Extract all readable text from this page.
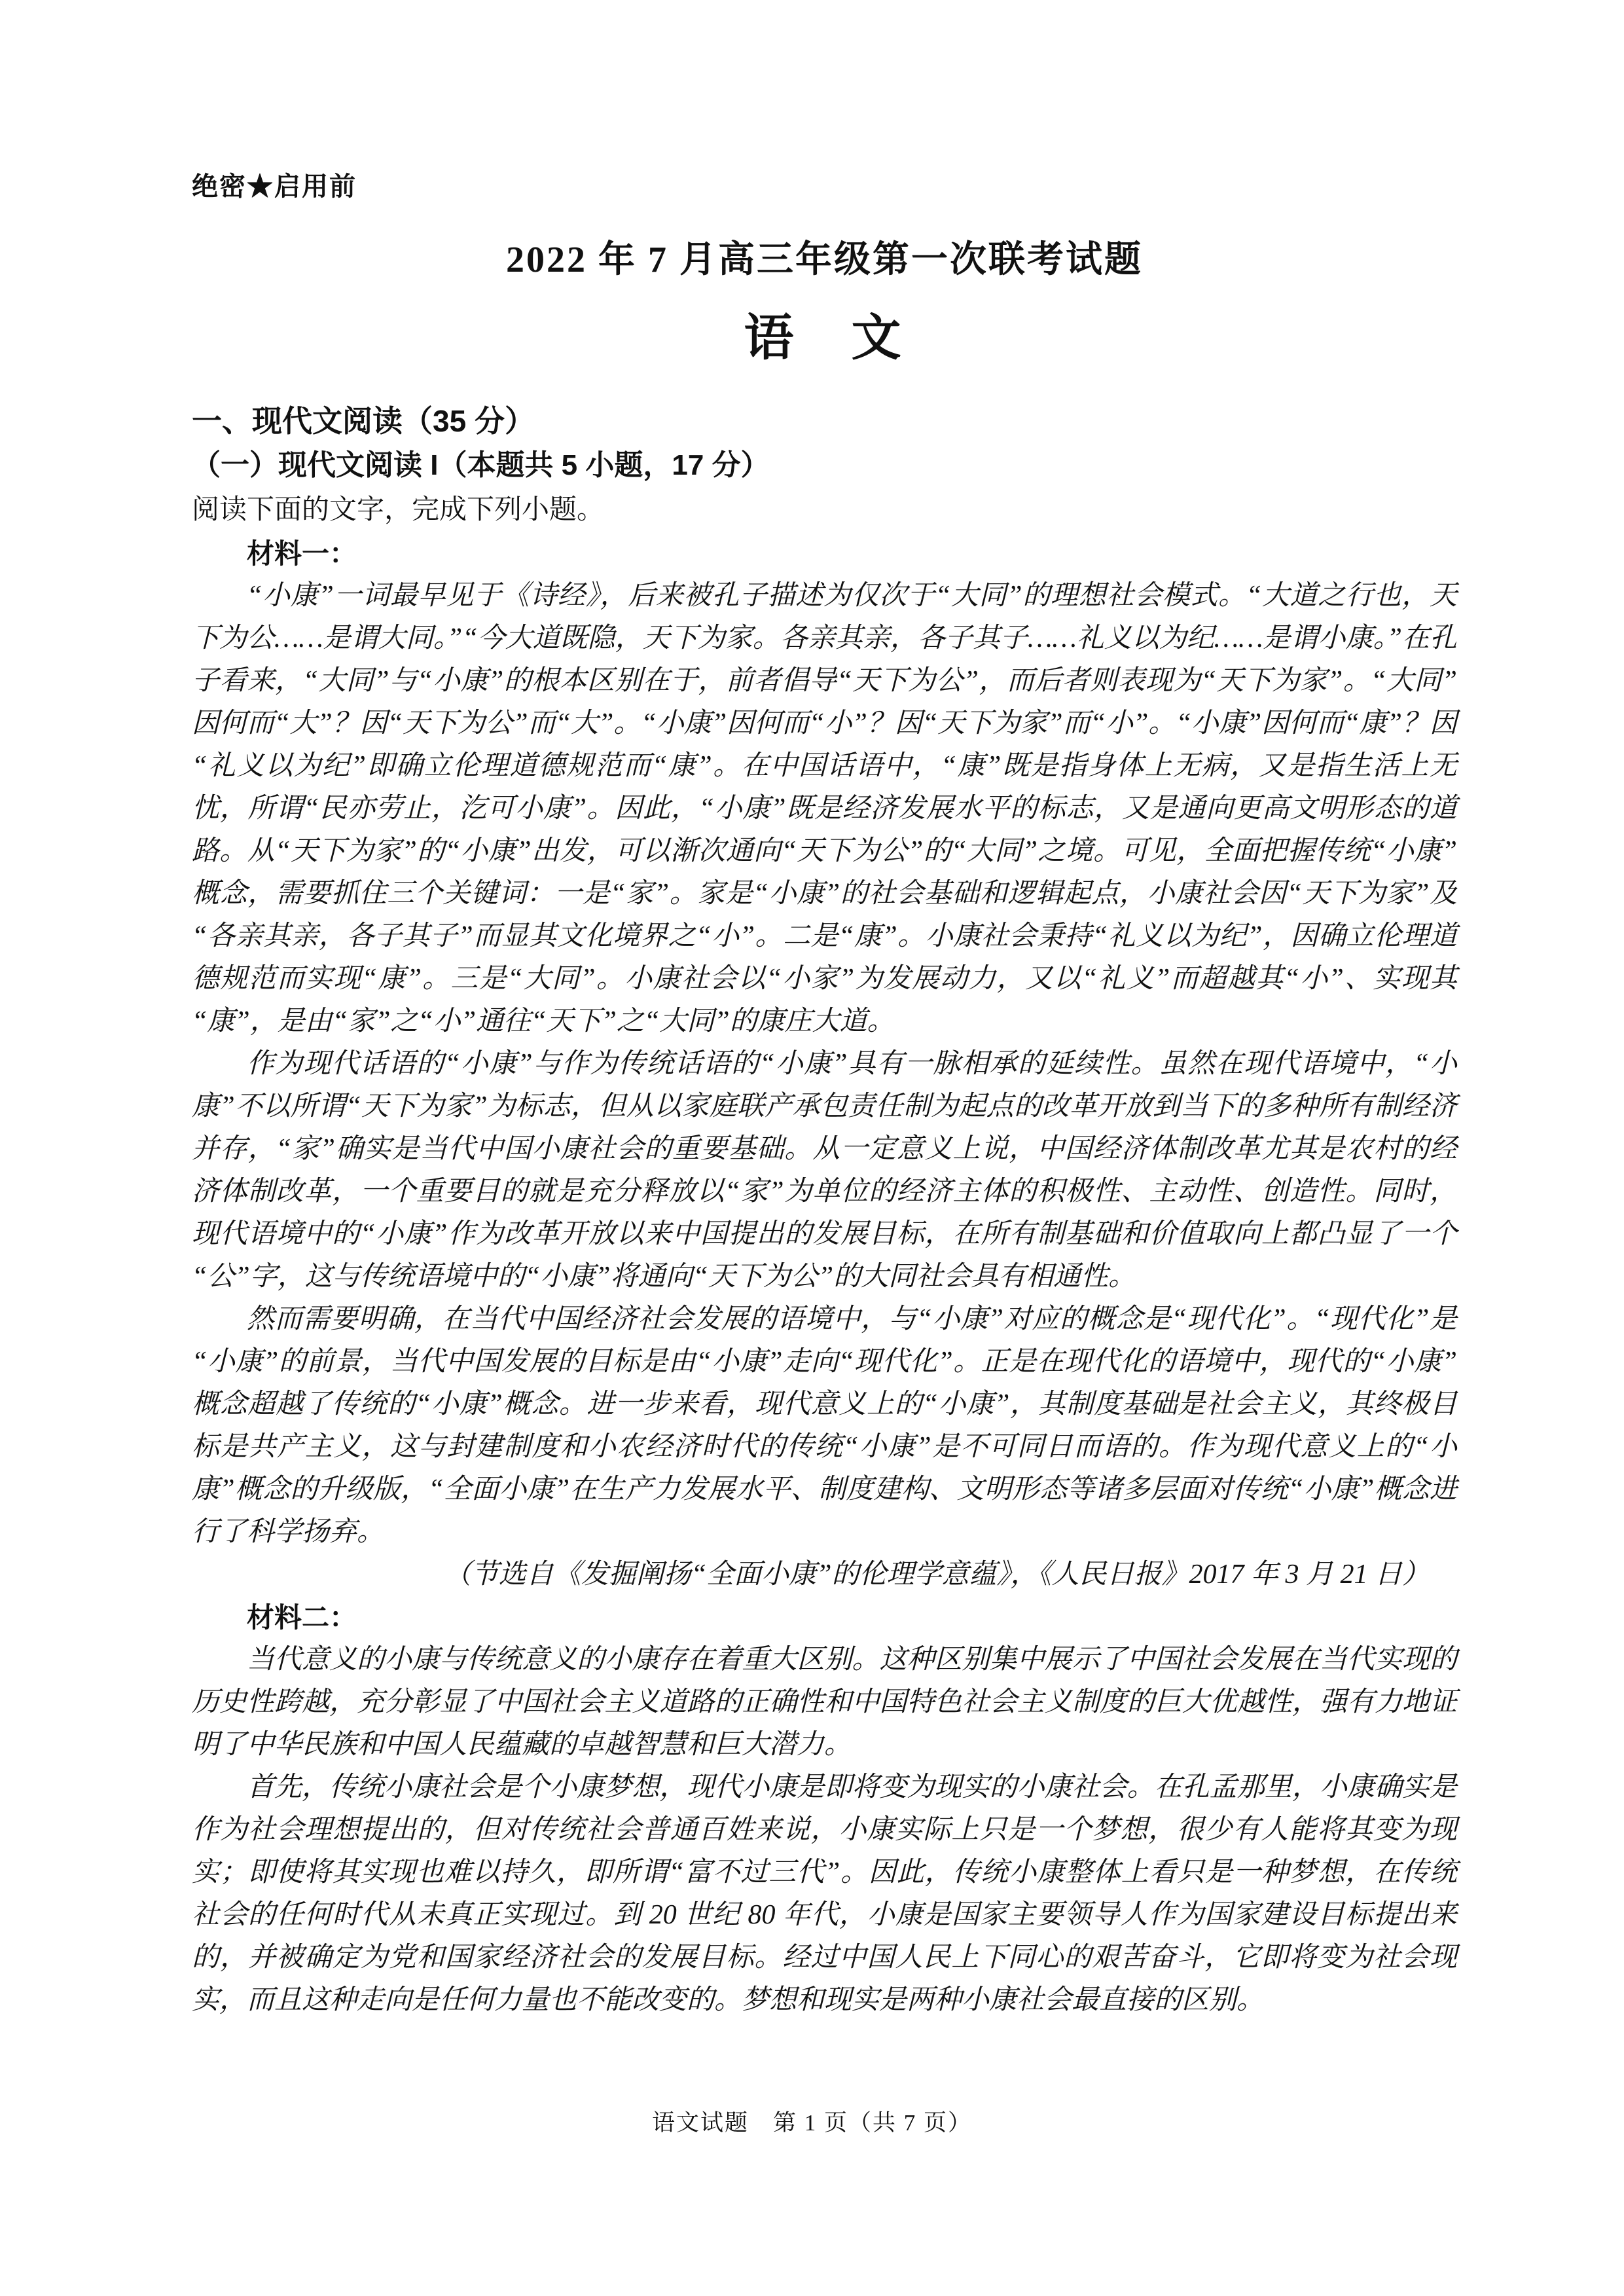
绝密★启用前
2022 年 7 月高三年级第一次联考试题
语　文
一、现代文阅读（35 分）
（一）现代文阅读 I（本题共 5 小题，17 分）
阅读下面的文字，完成下列小题。
材料一：

“小康”一词最早见于《诗经》，后来被孔子描述为仅次于“大同”的理想社会模式。“大道之行也，天下为公……是谓大同。”“今大道既隐，天下为家。各亲其亲，各子其子……礼义以为纪……是谓小康。”在孔子看来，“大同”与“小康”的根本区别在于，前者倡导“天下为公”，而后者则表现为“天下为家”。“大同”因何而“大”？因“天下为公”而“大”。“小康”因何而“小”？因“天下为家”而“小”。“小康”因何而“康”？因“礼义以为纪”即确立伦理道德规范而“康”。在中国话语中，“康”既是指身体上无病，又是指生活上无忧，所谓“民亦劳止，汔可小康”。因此，“小康”既是经济发展水平的标志，又是通向更高文明形态的道路。从“天下为家”的“小康”出发，可以渐次通向“天下为公”的“大同”之境。可见，全面把握传统“小康”概念，需要抓住三个关键词：一是“家”。家是“小康”的社会基础和逻辑起点，小康社会因“天下为家”及“各亲其亲，各子其子”而显其文化境界之“小”。二是“康”。小康社会秉持“礼义以为纪”，因确立伦理道德规范而实现“康”。三是“大同”。小康社会以“小家”为发展动力，又以“礼义”而超越其“小”、实现其“康”，是由“家”之“小”通往“天下”之“大同”的康庄大道。

作为现代话语的“小康”与作为传统话语的“小康”具有一脉相承的延续性。虽然在现代语境中，“小康”不以所谓“天下为家”为标志，但从以家庭联产承包责任制为起点的改革开放到当下的多种所有制经济并存，“家”确实是当代中国小康社会的重要基础。从一定意义上说，中国经济体制改革尤其是农村的经济体制改革，一个重要目的就是充分释放以“家”为单位的经济主体的积极性、主动性、创造性。同时，现代语境中的“小康”作为改革开放以来中国提出的发展目标，在所有制基础和价值取向上都凸显了一个“公”字，这与传统语境中的“小康”将通向“天下为公”的大同社会具有相通性。

然而需要明确，在当代中国经济社会发展的语境中，与“小康”对应的概念是“现代化”。“现代化”是“小康”的前景，当代中国发展的目标是由“小康”走向“现代化”。正是在现代化的语境中，现代的“小康”概念超越了传统的“小康”概念。进一步来看，现代意义上的“小康”，其制度基础是社会主义，其终极目标是共产主义，这与封建制度和小农经济时代的传统“小康”是不可同日而语的。作为现代意义上的“小康”概念的升级版，“全面小康”在生产力发展水平、制度建构、文明形态等诸多层面对传统“小康”概念进行了科学扬弃。

（节选自《发掘阐扬“全面小康”的伦理学意蕴》，《人民日报》2017 年 3 月 21 日）
材料二：

当代意义的小康与传统意义的小康存在着重大区别。这种区别集中展示了中国社会发展在当代实现的历史性跨越，充分彰显了中国社会主义道路的正确性和中国特色社会主义制度的巨大优越性，强有力地证明了中华民族和中国人民蕴藏的卓越智慧和巨大潜力。

首先，传统小康社会是个小康梦想，现代小康是即将变为现实的小康社会。在孔孟那里，小康确实是作为社会理想提出的，但对传统社会普通百姓来说，小康实际上只是一个梦想，很少有人能将其变为现实；即使将其实现也难以持久，即所谓“富不过三代”。因此，传统小康整体上看只是一种梦想，在传统社会的任何时代从未真正实现过。到 20 世纪 80 年代，小康是国家主要领导人作为国家建设目标提出来的，并被确定为党和国家经济社会的发展目标。经过中国人民上下同心的艰苦奋斗，它即将变为社会现实，而且这种走向是任何力量也不能改变的。梦想和现实是两种小康社会最直接的区别。

语文试题　第 1 页（共 7 页）
